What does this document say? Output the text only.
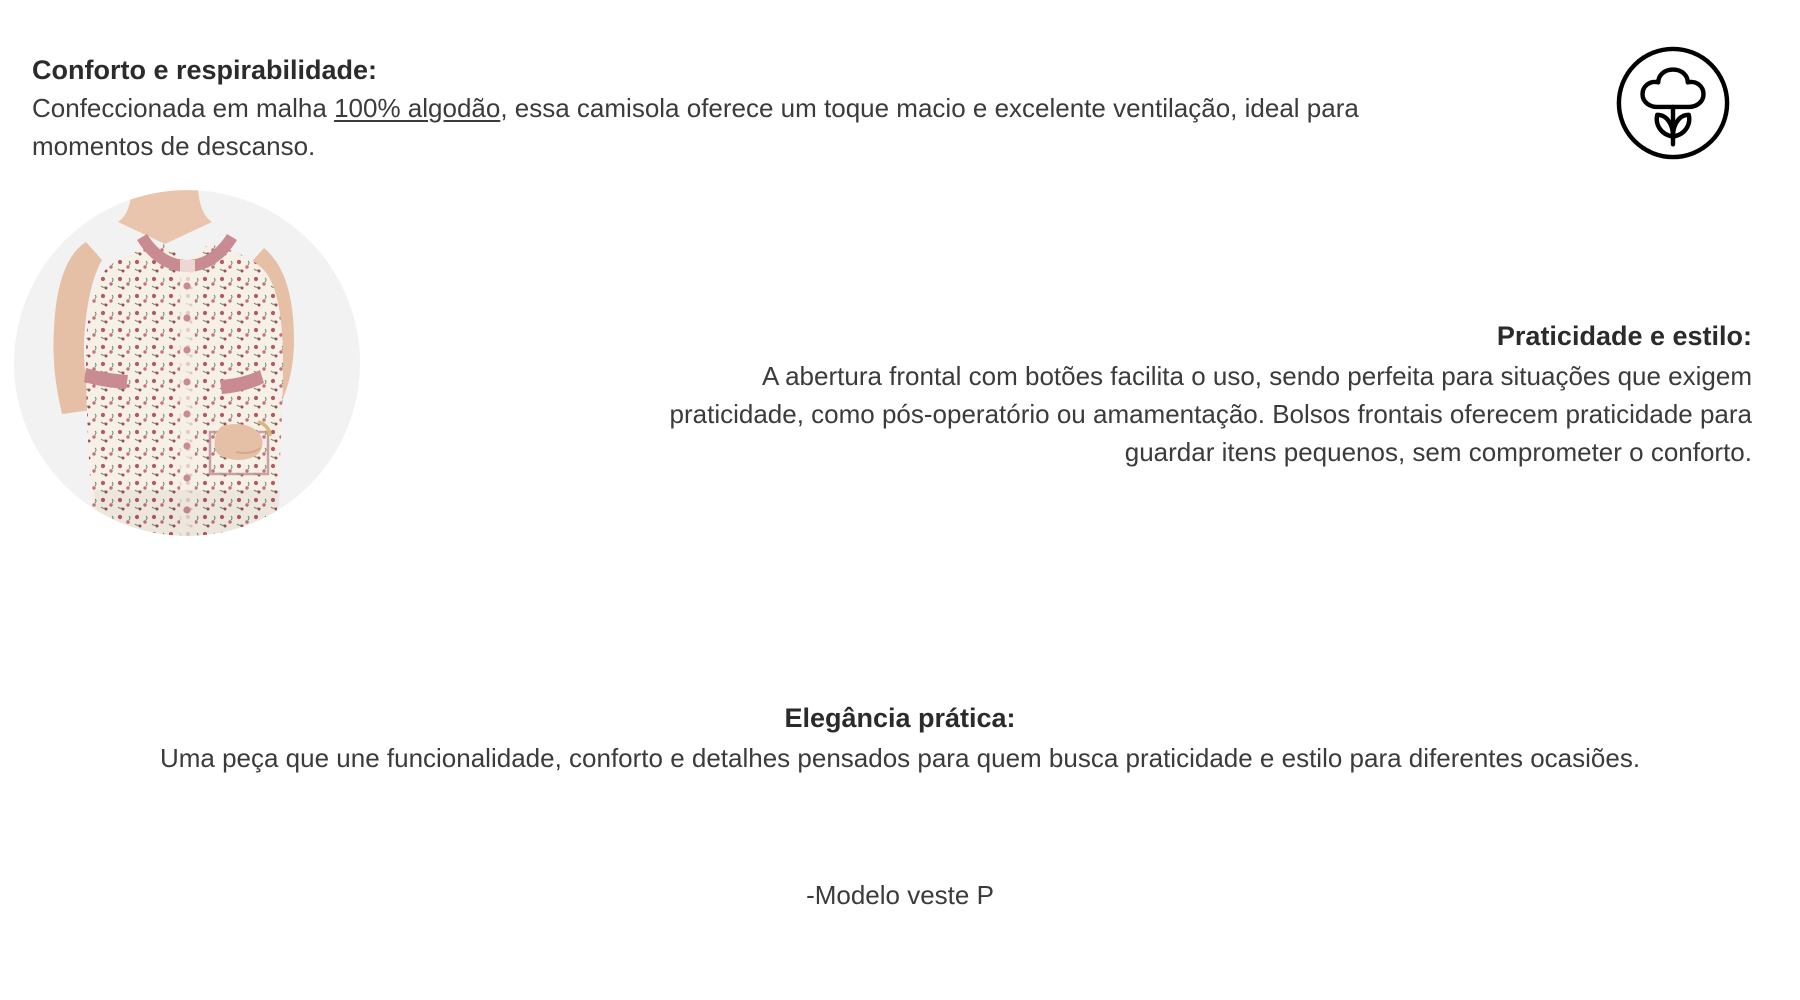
Conforto e respirabilidade:

Confeccionada em malha 100% algodão, essa camisola oferece um toque macio e excelente ventilação, ideal para momentos de descanso.

Praticidade e estilo:

A abertura frontal com botões facilita o uso, sendo perfeita para situações que exigem praticidade, como pós-operatório ou amamentação. Bolsos frontais oferecem praticidade para guardar itens pequenos, sem comprometer o conforto.

Elegância prática:

Uma peça que une funcionalidade, conforto e detalhes pensados para quem busca praticidade e estilo para diferentes ocasiões.

-Modelo veste P
